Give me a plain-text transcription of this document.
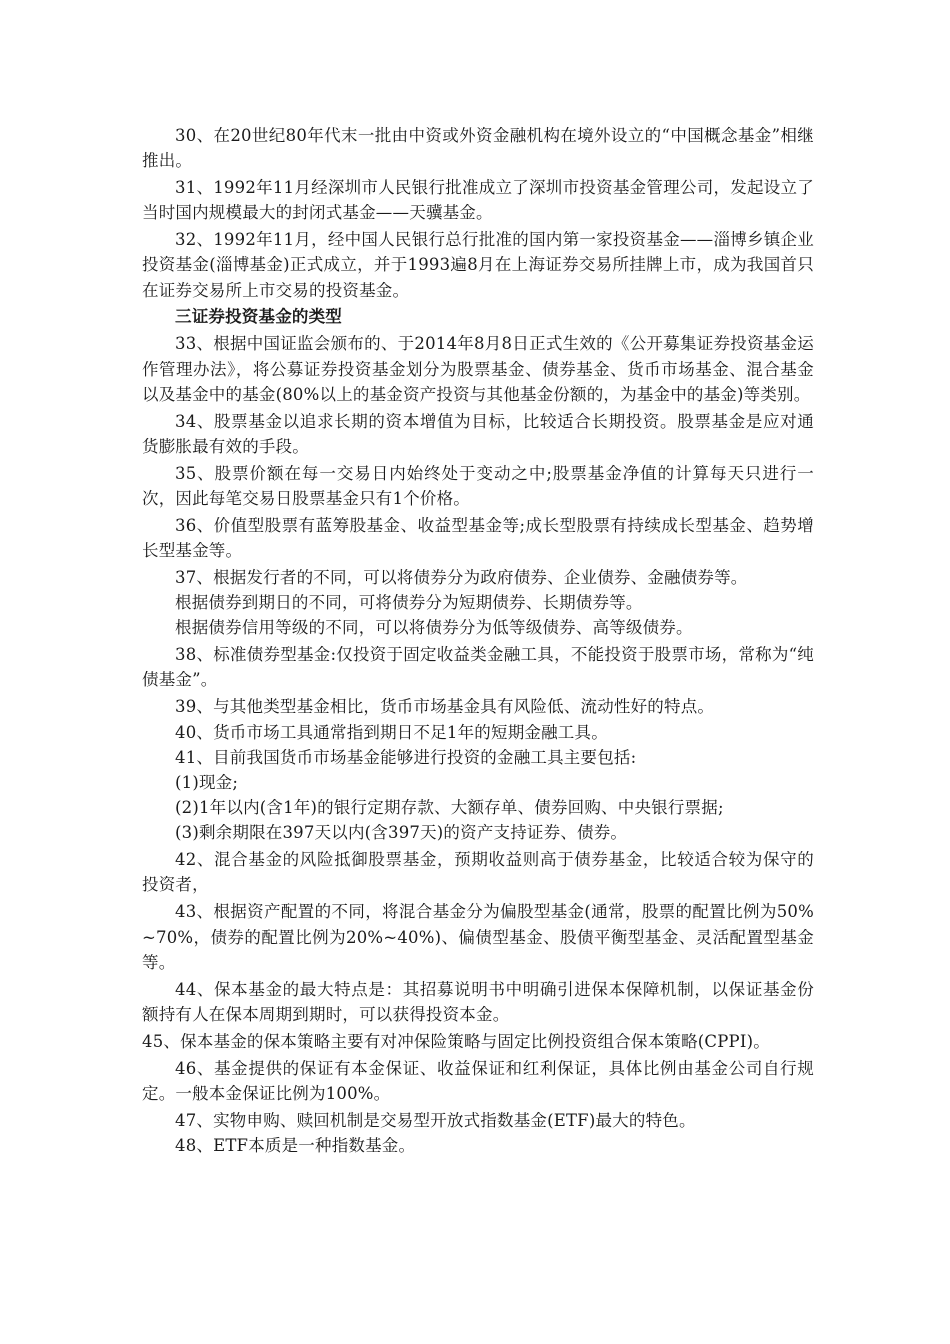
30、在20世纪80年代末一批由中资或外资金融机构在境外设立的“中国概念基金”相继推出。

31、1992年11月经深圳市人民银行批准成立了深圳市投资基金管理公司，发起设立了当时国内规模最大的封闭式基金——天骥基金。

32、1992年11月，经中国人民银行总行批准的国内第一家投资基金——淄博乡镇企业投资基金(淄博基金)正式成立，并于1993遍8月在上海证券交易所挂牌上市，成为我国首只在证券交易所上市交易的投资基金。

三证券投资基金的类型

33、根据中国证监会颁布的、于2014年8月8日正式生效的《公开募集证券投资基金运作管理办法》，将公募证券投资基金划分为股票基金、债券基金、货币市场基金、混合基金以及基金中的基金(80%以上的基金资产投资与其他基金份额的，为基金中的基金)等类别。

34、股票基金以追求长期的资本增值为目标，比较适合长期投资。股票基金是应对通货膨胀最有效的手段。

35、股票价额在每一交易日内始终处于变动之中;股票基金净值的计算每天只进行一次，因此每笔交易日股票基金只有1个价格。

36、价值型股票有蓝筹股基金、收益型基金等;成长型股票有持续成长型基金、趋势增长型基金等。

37、根据发行者的不同，可以将债券分为政府债券、企业债券、金融债券等。

根据债券到期日的不同，可将债券分为短期债券、长期债券等。

根据债券信用等级的不同，可以将债券分为低等级债券、高等级债券。

38、标准债券型基金:仅投资于固定收益类金融工具，不能投资于股票市场，常称为“纯债基金”。

39、与其他类型基金相比，货币市场基金具有风险低、流动性好的特点。

40、货币市场工具通常指到期日不足1年的短期金融工具。

41、目前我国货币市场基金能够进行投资的金融工具主要包括:

(1)现金;

(2)1年以内(含1年)的银行定期存款、大额存单、债券回购、中央银行票据;

(3)剩余期限在397天以内(含397天)的资产支持证券、债券。

42、混合基金的风险抵御股票基金，预期收益则高于债券基金，比较适合较为保守的投资者，

43、根据资产配置的不同，将混合基金分为偏股型基金(通常，股票的配置比例为50%~70%，债券的配置比例为20%~40%)、偏债型基金、股债平衡型基金、灵活配置型基金等。

44、保本基金的最大特点是：其招募说明书中明确引进保本保障机制，以保证基金份额持有人在保本周期到期时，可以获得投资本金。

45、保本基金的保本策略主要有对冲保险策略与固定比例投资组合保本策略(CPPI)。

46、基金提供的保证有本金保证、收益保证和红利保证，具体比例由基金公司自行规定。一般本金保证比例为100%。

47、实物申购、赎回机制是交易型开放式指数基金(ETF)最大的特色。

48、ETF本质是一种指数基金。
